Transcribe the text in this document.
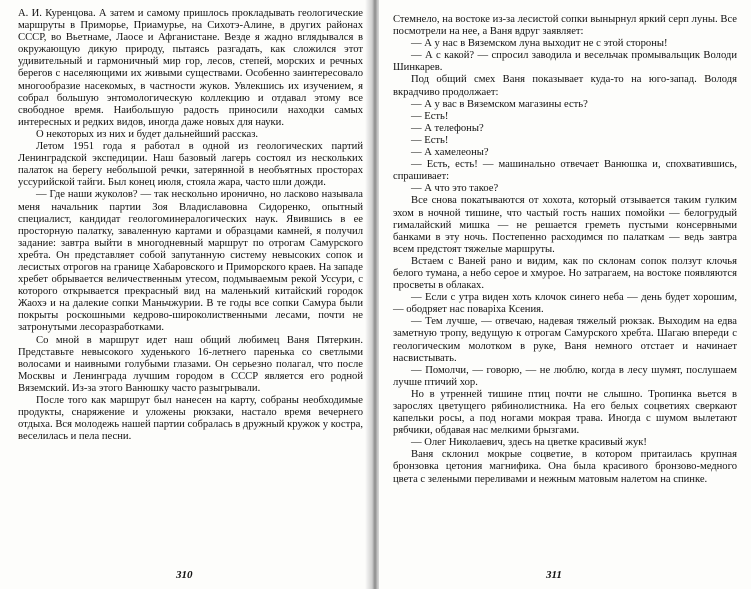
А. И. Куренцова. А затем и самому пришлось прокладывать геологические маршруты в Приморье, Приамурье, на Сихотэ-Алине, в других районах СССР, во Вьетнаме, Лаосе и Афганистане. Везде я жадно вглядывался в окружающую дикую природу, пытаясь разгадать, как сложился этот удивительный и гармоничный мир гор, лесов, степей, морских и речных берегов с населяющими их живыми существами. Особенно заинтересовало многообразие насекомых, в частности жуков. Увлекшись их изучением, я собрал большую энтомологическую коллекцию и отдавал этому все свободное время. Наибольшую радость приносили находки самых интересных и редких видов, иногда даже новых для науки.

О некоторых из них и будет дальнейший рассказ.

Летом 1951 года я работал в одной из геологических партий Ленинградской экспедиции. Наш базовый лагерь состоял из нескольких палаток на берегу небольшой речки, затерянной в необъятных просторах уссурийской тайги. Был конец июля, стояла жара, часто шли дожди.

— Где наши жуколов? — так нескольно иронично, но ласково называла меня начальник партии Зоя Владиславовна Сидоренко, опытный специалист, кандидат геологоминералогических наук. Явившись в ее просторную палатку, заваленную картами и образцами камней, я получил задание: завтра выйти в многодневный маршрут по отрогам Самурского хребта. Он представляет собой запутанную систему невысоких сопок и лесистых отрогов на границе Хабаровского и Приморского краев. На западе хребет обрывается величественным утесом, подмываемым рекой Уссури, с которого открывается прекрасный вид на маленький китайский городок Жаохэ и на далекие сопки Маньчжурии. В те годы все сопки Самура были покрыты роскошными кедрово-широколиственными лесами, почти не затронутыми лесоразработками.

Со мной в маршрут идет наш общий любимец Ваня Пятеркин. Представьте невысокого худенького 16-летнего паренька со светлыми волосами и наивными голубыми глазами. Он серьезно полагал, что после Москвы и Ленинграда лучшим городом в СССР является его родной Вяземский. Из-за этого Ванюшку часто разыгрывали.

После того как маршрут был нанесен на карту, собраны необходимые продукты, снаряжение и уложены рюкзаки, настало время вечернего отдыха. Вся молодежь нашей партии собралась в дружный кружок у костра, веселилась и пела песни.

310

Стемнело, на востоке из-за лесистой сопки вынырнул яркий серп луны. Все посмотрели на нее, а Ваня вдруг заявляет:

— А у нас в Вяземском луна выходит не с этой стороны!

— А с какой? — спросил заводила и весельчак промывальщик Володи Шинкарев.

Под общий смех Ваня показывает куда-то на юго-запад. Володя вкрадчиво продолжает:

— А у вас в Вяземском магазины есть?

— Есть!

— А телефоны?

— Есть!

— А хамелеоны?

— Есть, есть! — машинально отвечает Ванюшка и, спохватившись, спрашивает:

— А что это такое?

Все снова покатываются от хохота, который отзывается таким гулким эхом в ночной тишине, что частый гость наших помойки — белогрудый гималайский мишка — не решается греметь пустыми консервными банками в эту ночь. Постепенно расходимся по палаткам — ведь завтра всем предстоят тяжелые маршруты.

Встаем с Ваней рано и видим, как по склонам сопок ползут клочья белого тумана, а небо серое и хмурое. Но затрагаем, на востоке появляются просветы в облаках.

— Если с утра виден хоть клочок синего неба — день будет хорошим, — ободряет нас поварiха Ксения.

— Тем лучше, — отвечаю, надевая тяжелый рюкзак. Выходим на едва заметную тропу, ведущую к отрогам Самурского хребта. Шагаю впереди с геологическим молотком в руке, Ваня немного отстает и начинает насвистывать.

— Помолчи, — говорю, — не люблю, когда в лесу шумят, послушаем лучше птичий хор.

Но в утренней тишине птиц почти не слышно. Тропинка вьется в зарослях цветущего рябинолистника. На его белых соцветиях сверкают капельки росы, а под ногами мокрая трава. Иногда с шумом вылетают рябчики, обдавая нас мелкими брызгами.

— Олег Николаевич, здесь на цветке красивый жук!

Ваня склонил мокрые соцветие, в котором притаилась крупная бронзовка цетония магнифика. Она была красивого бронзово-медного цвета с зелеными переливами и нежным матовым налетом на спинке.

311
